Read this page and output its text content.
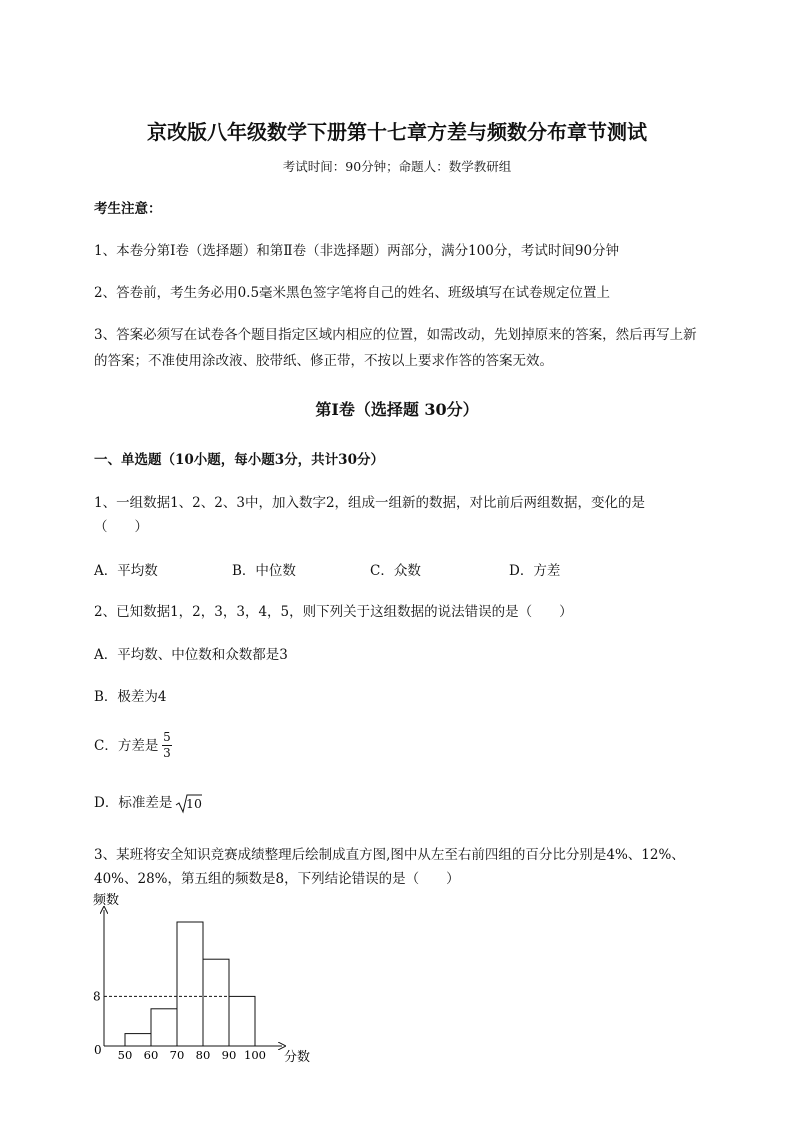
京改版八年级数学下册第十七章方差与频数分布章节测试
考试时间：90分钟；命题人：数学教研组
考生注意：
1、本卷分第I卷（选择题）和第Ⅱ卷（非选择题）两部分，满分100分，考试时间90分钟
2、答卷前，考生务必用0.5毫米黑色签字笔将自己的姓名、班级填写在试卷规定位置上
3、答案必须写在试卷各个题目指定区域内相应的位置，如需改动，先划掉原来的答案，然后再写上新
的答案；不准使用涂改液、胶带纸、修正带，不按以上要求作答的答案无效。
第I卷（选择题 30分）
一、单选题（10小题，每小题3分，共计30分）
1、一组数据1、2、2、3中，加入数字2，组成一组新的数据，对比前后两组数据，变化的是
（　　）
A．平均数	B．中位数	C．众数	D．方差
2、已知数据1，2，3，3，4，5，则下列关于这组数据的说法错误的是（　　）
A．平均数、中位数和众数都是3
B．极差为4
C．方差是
5
3
D．标准差是 10
3、某班将安全知识竞赛成绩整理后绘制成直方图,图中从左至右前四组的百分比分别是4%、12%、
40%、28%，第五组的频数是8，下列结论错误的是（　　）
频数
分数
0 50 60 70 80 90 100
8
